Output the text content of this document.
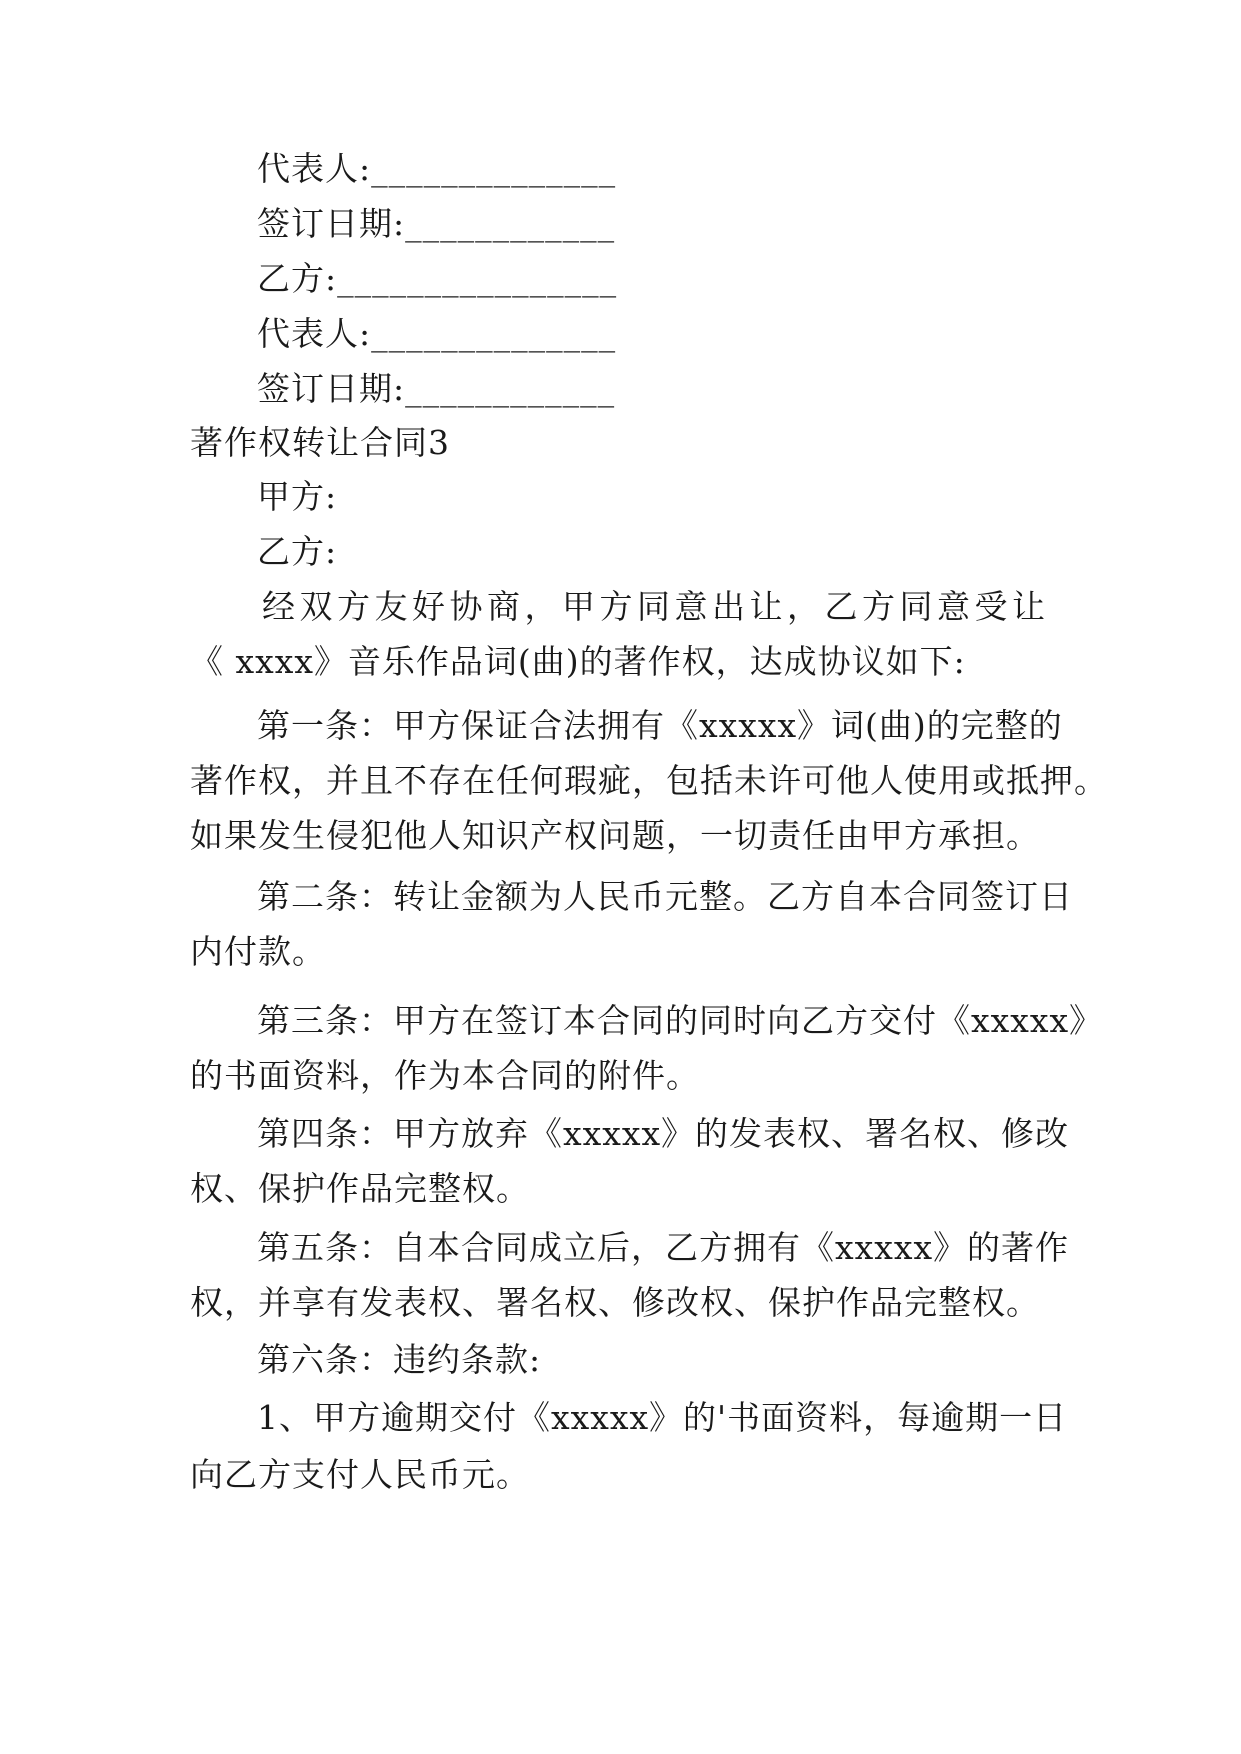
代表人:______________
签订日期:____________
乙方:________________
代表人:______________
签订日期:____________
著作权转让合同3
甲方:
乙方:
经双方友好协商，甲方同意出让，乙方同意受让
《 xxxx》音乐作品词(曲)的著作权，达成协议如下:
第一条：甲方保证合法拥有《xxxxx》词(曲)的完整的
著作权，并且不存在任何瑕疵，包括未许可他人使用或抵押。
如果发生侵犯他人知识产权问题，一切责任由甲方承担。
第二条：转让金额为人民币元整。乙方自本合同签订日
内付款。
第三条：甲方在签订本合同的同时向乙方交付《xxxxx》
的书面资料，作为本合同的附件。
第四条：甲方放弃《xxxxx》的发表权、署名权、修改
权、保护作品完整权。
第五条：自本合同成立后，乙方拥有《xxxxx》的著作
权，并享有发表权、署名权、修改权、保护作品完整权。
第六条：违约条款:
1、甲方逾期交付《xxxxx》的'书面资料，每逾期一日
向乙方支付人民币元。
